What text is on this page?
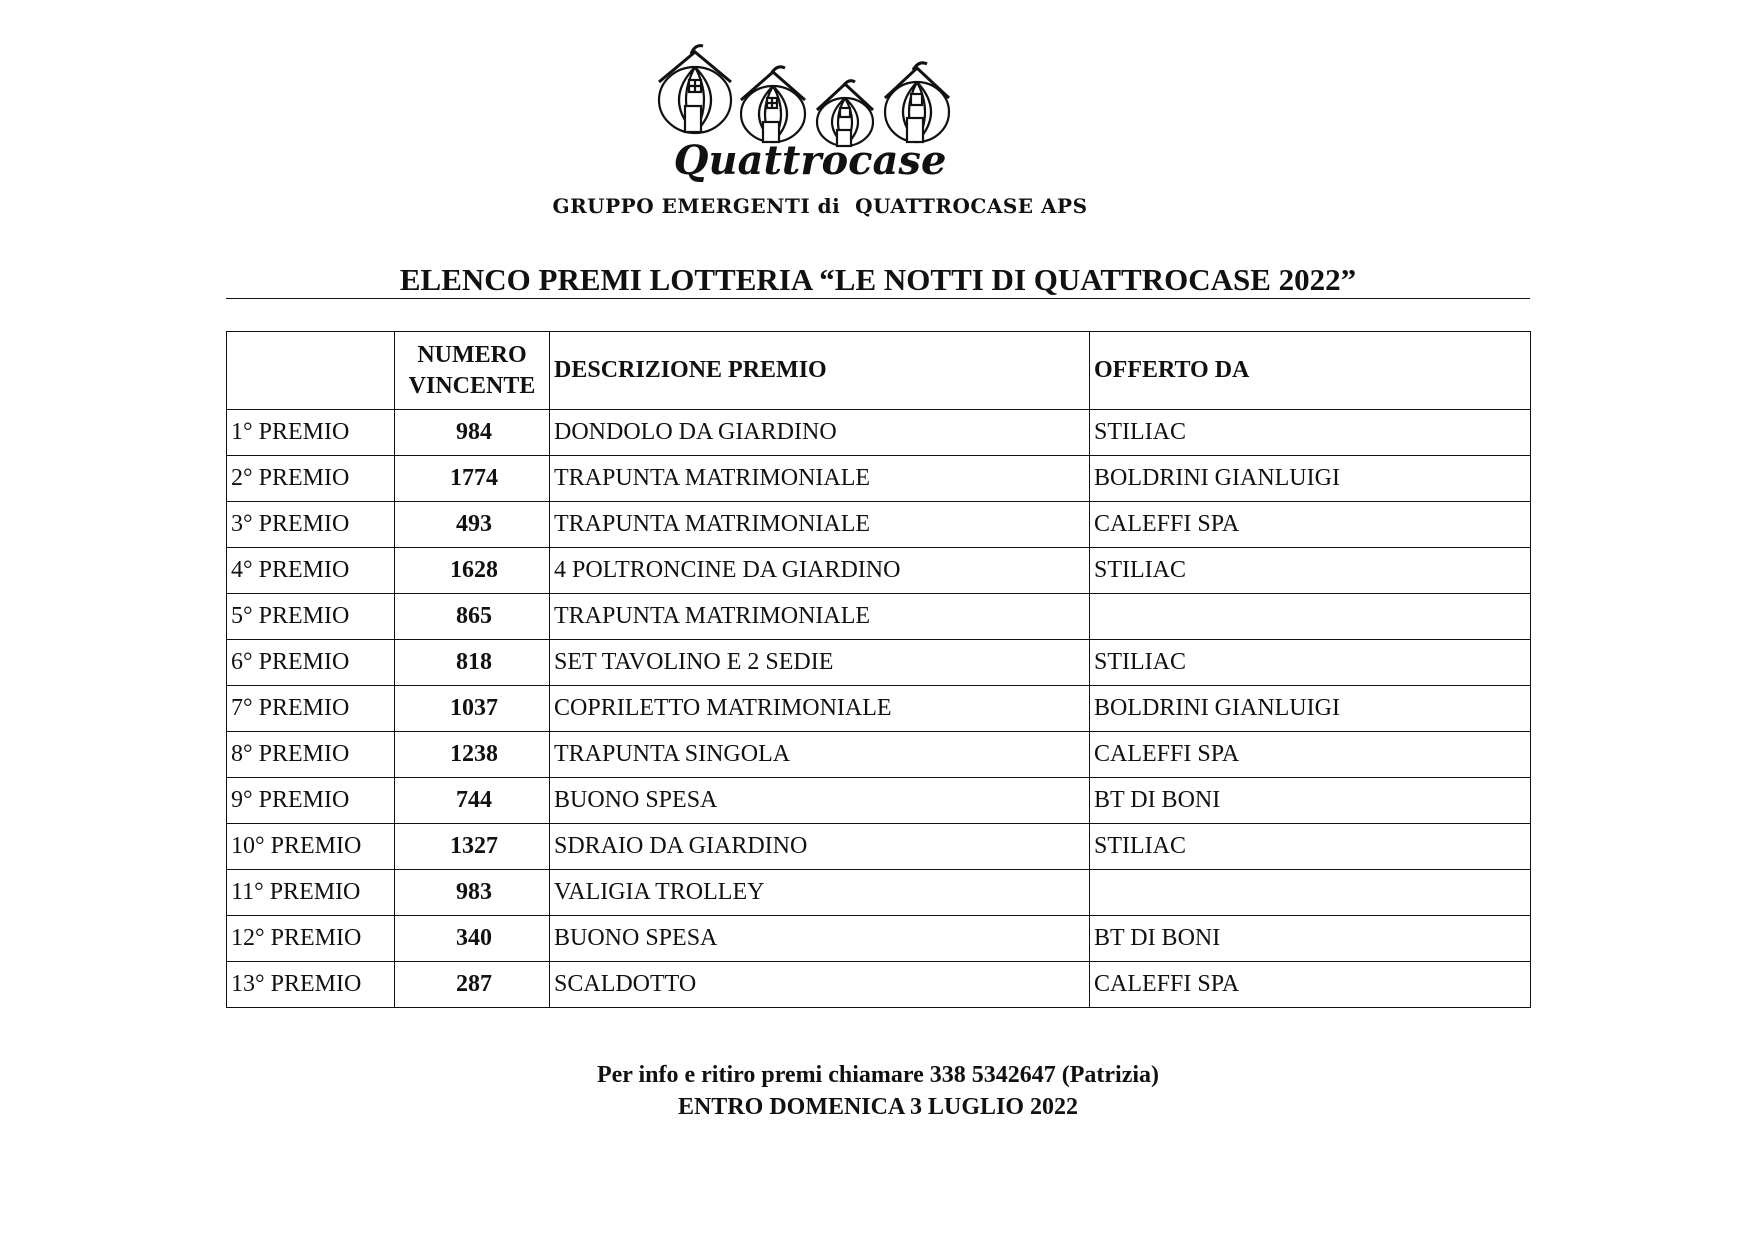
Quattrocase
GRUPPO EMERGENTI di  QUATTROCASE APS
ELENCO PREMI LOTTERIA “LE NOTTI DI QUATTROCASE 2022”
	NUMERO
VINCENTE	DESCRIZIONE PREMIO	OFFERTO DA
1° PREMIO	984	DONDOLO DA GIARDINO	STILIAC
2° PREMIO	1774	TRAPUNTA MATRIMONIALE	BOLDRINI GIANLUIGI
3° PREMIO	493	TRAPUNTA MATRIMONIALE	CALEFFI SPA
4° PREMIO	1628	4 POLTRONCINE DA GIARDINO	STILIAC
5° PREMIO	865	TRAPUNTA MATRIMONIALE	
6° PREMIO	818	SET TAVOLINO E 2 SEDIE	STILIAC
7° PREMIO	1037	COPRILETTO MATRIMONIALE	BOLDRINI GIANLUIGI
8° PREMIO	1238	TRAPUNTA SINGOLA	CALEFFI SPA
9° PREMIO	744	BUONO SPESA	BT DI BONI
10° PREMIO	1327	SDRAIO DA GIARDINO	STILIAC
11° PREMIO	983	VALIGIA TROLLEY	
12° PREMIO	340	BUONO SPESA	BT DI BONI
13° PREMIO	287	SCALDOTTO	CALEFFI SPA
Per info e ritiro premi chiamare 338 5342647 (Patrizia)
ENTRO DOMENICA 3 LUGLIO 2022
